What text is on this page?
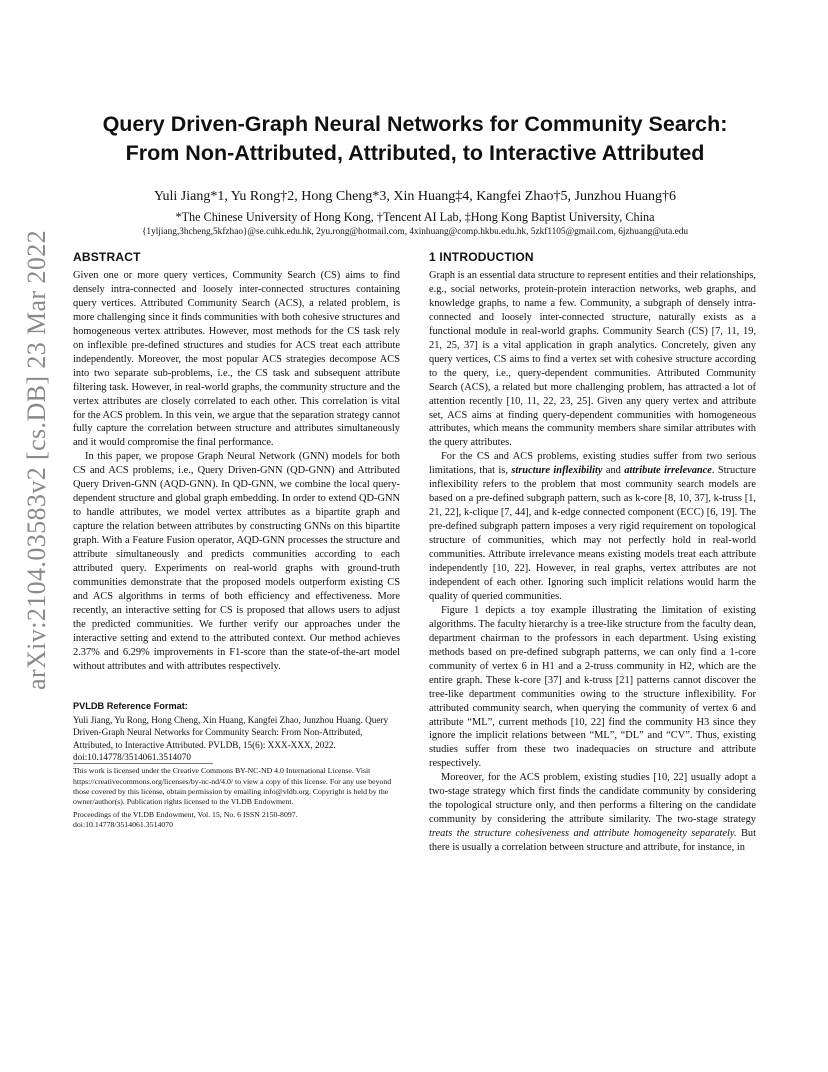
arXiv:2104.03583v2 [cs.DB] 23 Mar 2022
Query Driven-Graph Neural Networks for Community Search:
From Non-Attributed, Attributed, to Interactive Attributed
Yuli Jiang*1, Yu Rong†2, Hong Cheng*3, Xin Huang‡4, Kangfei Zhao†5, Junzhou Huang†6
*The Chinese University of Hong Kong, †Tencent AI Lab, ‡Hong Kong Baptist University, China
{1yljiang,3hcheng,5kfzhao}@se.cuhk.edu.hk, 2yu.rong@hotmail.com, 4xinhuang@comp.hkbu.edu.hk, 5zkf1105@gmail.com, 6jzhuang@uta.edu
ABSTRACT

Given one or more query vertices, Community Search (CS) aims to find densely intra-connected and loosely inter-connected structures containing query vertices. Attributed Community Search (ACS), a related problem, is more challenging since it finds communities with both cohesive structures and homogeneous vertex attributes. However, most methods for the CS task rely on inflexible pre-defined structures and studies for ACS treat each attribute independently. Moreover, the most popular ACS strategies decompose ACS into two separate sub-problems, i.e., the CS task and subsequent attribute filtering task. However, in real-world graphs, the community structure and the vertex attributes are closely correlated to each other. This correlation is vital for the ACS problem. In this vein, we argue that the separation strategy cannot fully capture the correlation between structure and attributes simultaneously and it would compromise the final performance.

In this paper, we propose Graph Neural Network (GNN) models for both CS and ACS problems, i.e., Query Driven-GNN (QD-GNN) and Attributed Query Driven-GNN (AQD-GNN). In QD-GNN, we combine the local query-dependent structure and global graph embedding. In order to extend QD-GNN to handle attributes, we model vertex attributes as a bipartite graph and capture the relation between attributes by constructing GNNs on this bipartite graph. With a Feature Fusion operator, AQD-GNN processes the structure and attribute simultaneously and predicts communities according to each attributed query. Experiments on real-world graphs with ground-truth communities demonstrate that the proposed models outperform existing CS and ACS algorithms in terms of both efficiency and effectiveness. More recently, an interactive setting for CS is proposed that allows users to adjust the predicted communities. We further verify our approaches under the interactive setting and extend to the attributed context. Our method achieves 2.37% and 6.29% improvements in F1-score than the state-of-the-art model without attributes and with attributes respectively.

PVLDB Reference Format:
Yuli Jiang, Yu Rong, Hong Cheng, Xin Huang, Kangfei Zhao, Junzhou Huang. Query Driven-Graph Neural Networks for Community Search: From Non-Attributed, Attributed, to Interactive Attributed. PVLDB, 15(6): XXX-XXX, 2022.
doi:10.14778/3514061.3514070
This work is licensed under the Creative Commons BY-NC-ND 4.0 International License. Visit https://creativecommons.org/licenses/by-nc-nd/4.0/ to view a copy of this license. For any use beyond those covered by this license, obtain permission by emailing info@vldb.org. Copyright is held by the owner/author(s). Publication rights licensed to the VLDB Endowment.
Proceedings of the VLDB Endowment, Vol. 15, No. 6 ISSN 2150-8097.
doi:10.14778/3514061.3514070
1 INTRODUCTION

Graph is an essential data structure to represent entities and their relationships, e.g., social networks, protein-protein interaction networks, web graphs, and knowledge graphs, to name a few. Community, a subgraph of densely intra-connected and loosely inter-connected structure, naturally exists as a functional module in real-world graphs. Community Search (CS) [7, 11, 19, 21, 25, 37] is a vital application in graph analytics. Concretely, given any query vertices, CS aims to find a vertex set with cohesive structure according to the query, i.e., query-dependent communities. Attributed Community Search (ACS), a related but more challenging problem, has attracted a lot of attention recently [10, 11, 22, 23, 25]. Given any query vertex and attribute set, ACS aims at finding query-dependent communities with homogeneous attributes, which means the community members share similar attributes with the query attributes.

For the CS and ACS problems, existing studies suffer from two serious limitations, that is, structure inflexibility and attribute irrelevance. Structure inflexibility refers to the problem that most community search models are based on a pre-defined subgraph pattern, such as k-core [8, 10, 37], k-truss [1, 21, 22], k-clique [7, 44], and k-edge connected component (ECC) [6, 19]. The pre-defined subgraph pattern imposes a very rigid requirement on topological structure of communities, which may not perfectly hold in real-world communities. Attribute irrelevance means existing models treat each attribute independently [10, 22]. However, in real graphs, vertex attributes are not independent of each other. Ignoring such implicit relations would harm the quality of queried communities.

Figure 1 depicts a toy example illustrating the limitation of existing algorithms. The faculty hierarchy is a tree-like structure from the faculty dean, department chairman to the professors in each department. Using existing methods based on pre-defined subgraph patterns, we can only find a 1-core community of vertex 6 in H1 and a 2-truss community in H2, which are the entire graph. These k-core [37] and k-truss [21] patterns cannot discover the tree-like department communities owing to the structure inflexibility. For attributed community search, when querying the community of vertex 6 and attribute “ML”, current methods [10, 22] find the community H3 since they ignore the implicit relations between “ML”, “DL” and “CV”. Thus, existing studies suffer from these two inadequacies on structure and attribute respectively.

Moreover, for the ACS problem, existing studies [10, 22] usually adopt a two-stage strategy which first finds the candidate community by considering the topological structure only, and then performs a filtering on the candidate community by considering the attribute similarity. The two-stage strategy treats the structure cohesiveness and attribute homogeneity separately. But there is usually a correlation between structure and attribute, for instance, in
